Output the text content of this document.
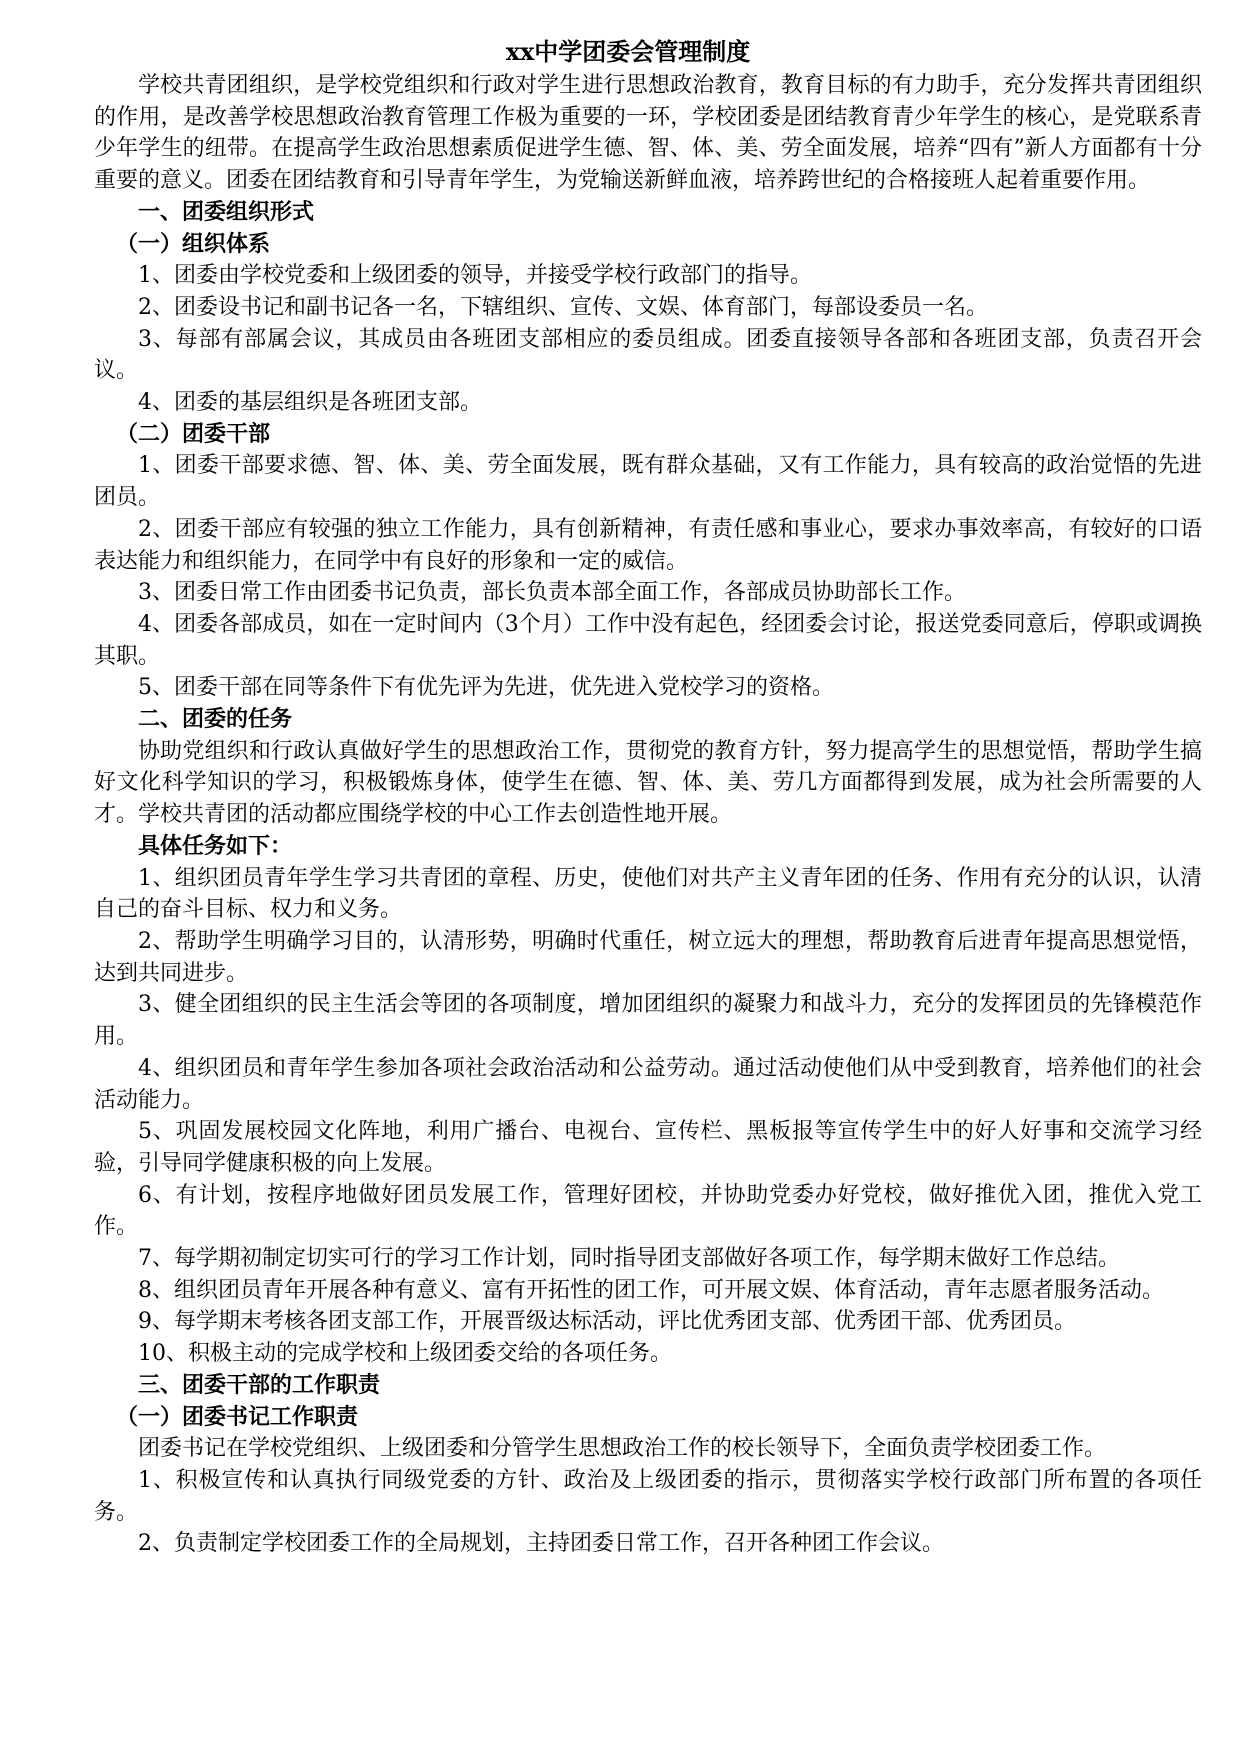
xx中学团委会管理制度

学校共青团组织，是学校党组织和行政对学生进行思想政治教育，教育目标的有力助手，充分发挥共青团组织的作用，是改善学校思想政治教育管理工作极为重要的一环，学校团委是团结教育青少年学生的核心，是党联系青少年学生的纽带。在提高学生政治思想素质促进学生德、智、体、美、劳全面发展，培养“四有”新人方面都有十分重要的意义。团委在团结教育和引导青年学生，为党输送新鲜血液，培养跨世纪的合格接班人起着重要作用。

一、团委组织形式
（一）组织体系

1、团委由学校党委和上级团委的领导，并接受学校行政部门的指导。

2、团委设书记和副书记各一名，下辖组织、宣传、文娱、体育部门，每部设委员一名。

3、每部有部属会议，其成员由各班团支部相应的委员组成。团委直接领导各部和各班团支部，负责召开会议。

4、团委的基层组织是各班团支部。

（二）团委干部

1、团委干部要求德、智、体、美、劳全面发展，既有群众基础，又有工作能力，具有较高的政治觉悟的先进团员。

2、团委干部应有较强的独立工作能力，具有创新精神，有责任感和事业心，要求办事效率高，有较好的口语表达能力和组织能力，在同学中有良好的形象和一定的威信。

3、团委日常工作由团委书记负责，部长负责本部全面工作，各部成员协助部长工作。

4、团委各部成员，如在一定时间内（3个月）工作中没有起色，经团委会讨论，报送党委同意后，停职或调换其职。

5、团委干部在同等条件下有优先评为先进，优先进入党校学习的资格。

二、团委的任务

协助党组织和行政认真做好学生的思想政治工作，贯彻党的教育方针，努力提高学生的思想觉悟，帮助学生搞好文化科学知识的学习，积极锻炼身体，使学生在德、智、体、美、劳几方面都得到发展，成为社会所需要的人才。学校共青团的活动都应围绕学校的中心工作去创造性地开展。

具体任务如下：

1、组织团员青年学生学习共青团的章程、历史，使他们对共产主义青年团的任务、作用有充分的认识，认清自己的奋斗目标、权力和义务。

2、帮助学生明确学习目的，认清形势，明确时代重任，树立远大的理想，帮助教育后进青年提高思想觉悟，达到共同进步。

3、健全团组织的民主生活会等团的各项制度，增加团组织的凝聚力和战斗力，充分的发挥团员的先锋模范作用。

4、组织团员和青年学生参加各项社会政治活动和公益劳动。通过活动使他们从中受到教育，培养他们的社会活动能力。

5、巩固发展校园文化阵地，利用广播台、电视台、宣传栏、黑板报等宣传学生中的好人好事和交流学习经验，引导同学健康积极的向上发展。

6、有计划，按程序地做好团员发展工作，管理好团校，并协助党委办好党校，做好推优入团，推优入党工作。

7、每学期初制定切实可行的学习工作计划，同时指导团支部做好各项工作，每学期末做好工作总结。

8、组织团员青年开展各种有意义、富有开拓性的团工作，可开展文娱、体育活动，青年志愿者服务活动。

9、每学期末考核各团支部工作，开展晋级达标活动，评比优秀团支部、优秀团干部、优秀团员。

10、积极主动的完成学校和上级团委交给的各项任务。

三、团委干部的工作职责
（一）团委书记工作职责

团委书记在学校党组织、上级团委和分管学生思想政治工作的校长领导下，全面负责学校团委工作。

1、积极宣传和认真执行同级党委的方针、政治及上级团委的指示，贯彻落实学校行政部门所布置的各项任务。

2、负责制定学校团委工作的全局规划，主持团委日常工作，召开各种团工作会议。
